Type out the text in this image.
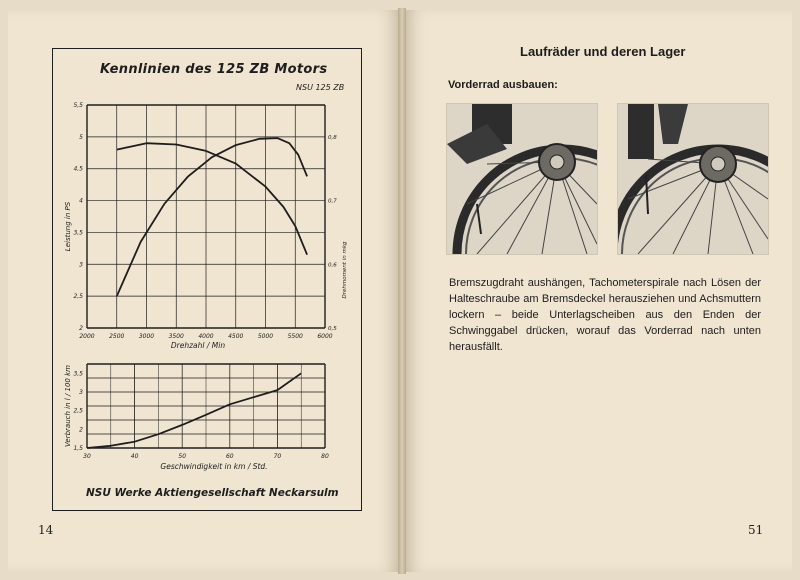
Kennlinien des 125 ZB Motors
NSU 125 ZB
2000 2500 3000 3500 4000 4500 5000 5500 6000
2
2,5
3
3,5
4
4,5
5
5,5
0,8
0,7
0,6
0,5
Drehzahl / Min
Leistung in PS
Drehmoment in mkg
30	40	50	60	70	80
1,5
2
2,5
3
3,5
Geschwindigkeit in km / Std.
Verbrauch in l / 100 km
NSU Werke Aktiengesellschaft Neckarsulm
14
Laufräder und deren Lager
Vorderrad ausbauen:
Bremszugdraht aushängen, Tachometerspirale nach Lösen der Halteschraube am Bremsdeckel herausziehen und Achsmuttern lockern – beide Unterlagscheiben aus den Enden der Schwinggabel drücken, worauf das Vorderrad nach unten herausfällt.
51
